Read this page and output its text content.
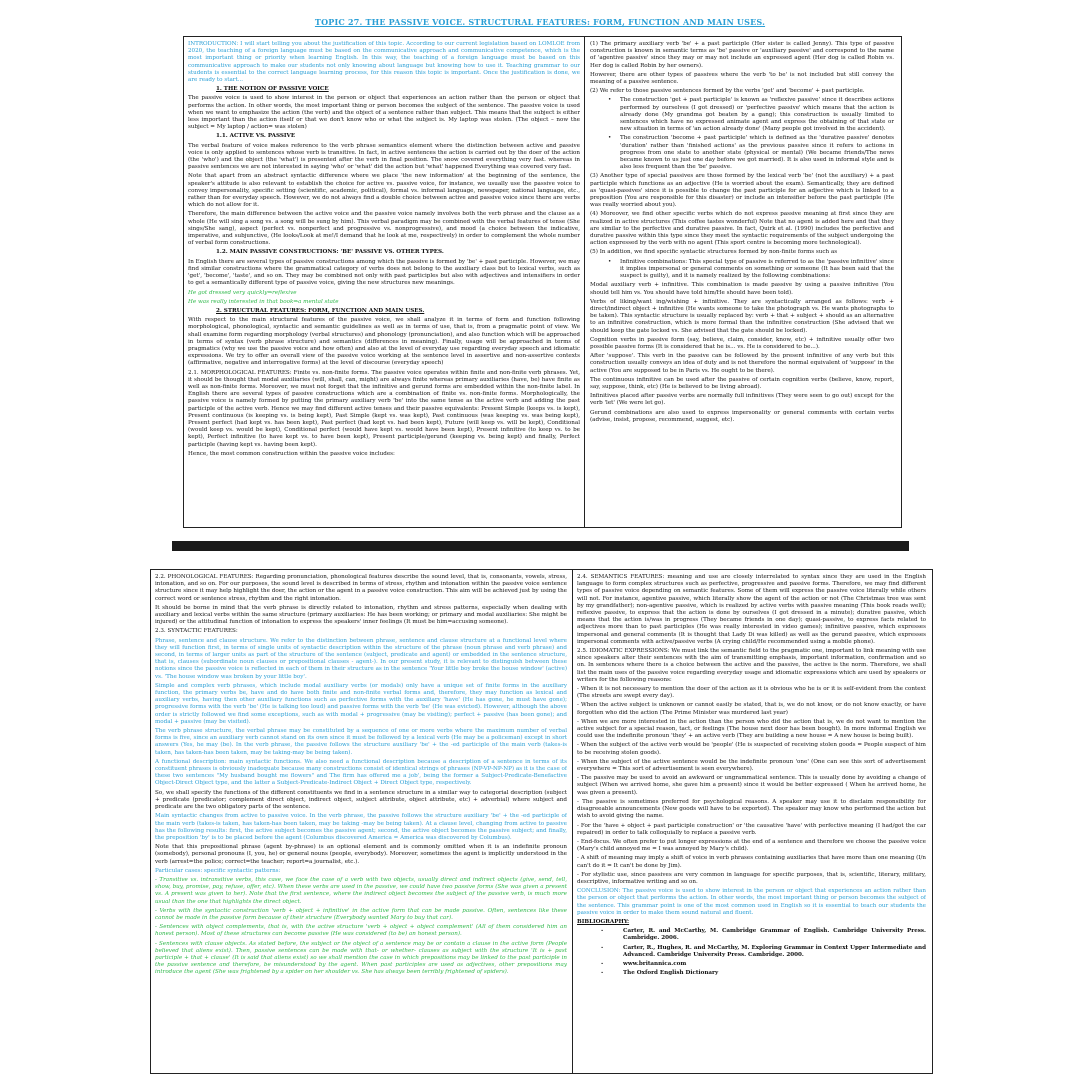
TOPIC 27. THE PASSIVE VOICE. STRUCTURAL FEATURES: FORM, FUNCTION AND MAIN USES.

INTRODUCTION: I will start telling you about the justification of this topic. According to our current legislation based on LOMLOE from 2020, the teaching of a foreign language must be based on the communicative approach and communicative competence, which is the most important thing or priority when learning English. In this way, the teaching of a foreign language must be based on this communicative approach to make our students not only knowing about language but knowing how to use it. Teaching grammar to our students is essential to the correct language learning process, for this reason this topic is important. Once the justification is done, we are ready to start...

1. THE NOTION OF PASSIVE VOICE

The passive voice is used to show interest in the person or object that experiences an action rather than the person or object that performs the action. In other words, the most important thing or person becomes the subject of the sentence. The passive voice is used when we want to emphasize the action (the verb) and the object of a sentence rather than subject. This means that the subject is either less important than the action itself or that we don't know who or what the subject is. My laptop was stolen. (The object – now the subject = My laptop / action= was stolen)

1.1. ACTIVE VS. PASSIVE

The verbal feature of voice makes reference to the verb phrase semantics element where the distinction between active and passive voice is only applied to sentences whose verb is transitive. In fact, in active sentences the action is carried out by the doer of the action (the 'who') and the object (the 'what') is presented after the verb in final position. The snow covered everything very fast. whereas in passive sentences we are not interested in saying 'who' or 'what' did the action but 'what' happened Everything was covered very fast.

Note that apart from an abstract syntactic difference where we place 'the new information' at the beginning of the sentence, the speaker's attitude is also relevant to establish the choice for active vs. passive voice, for instance, we usually use the passive voice to convey impersonality, specific setting (scientific, academic, political), formal vs. informal language, newspaper, national language, etc., rather than for everyday speech. However, we do not always find a double choice between active and passive voice since there are verbs which do not allow for it.

Therefore, the main difference between the active voice and the passive voice namely involves both the verb phrase and the clause as a whole (He will sing a song vs. a song will be sung by him). This verbal paradigm may be combined with the verbal features of tense (She sings/She sang), aspect (perfect vs. nonperfect and progressive vs. nonprogressive), and mood (a choice between the indicative, imperative, and subjunctive, (He looks/Look at me!/I demand that he look at me, respectively) in order to complement the whole number of verbal form constructions.

1.2. MAIN PASSIVE CONSTRUCTIONS: 'BE' PASSIVE VS. OTHER TYPES.

In English there are several types of passive constructions among which the passive is formed by 'be' + past participle. However, we may find similar constructions where the grammatical category of verbs does not belong to the auxiliary class but to lexical verbs, such as 'get', 'become', 'taste', and so on. They may be combined not only with past participles but also with adjectives and intensifiers in order to get a semantically different type of passive voice, giving the new structures new meanings.

He got dressed very quickly⇒reflexive

He was really interested in that book⇒a mental state

2. STRUCTURAL FEATURES: FORM, FUNCTION AND MAIN USES.

With respect to the main structural features of the passive voice, we shall analyze it in terms of form and function following morphological, phonological, syntactic and semantic guidelines as well as in terms of use, that is, from a pragmatic point of view. We shall examine form regarding morphology (verbal structures) and phonology (pronunciation), and also function which will be approached in terms of syntax (verb phrase structure) and semantics (differences in meaning). Finally, usage will be approached in terms of pragmatics (why we use the passive voice and how often) and also at the level of everyday use regarding everyday speech and idiomatic expressions. We try to offer an overall view of the passive voice working at the sentence level in assertive and non-assertive contexts (affirmative, negative and interrogative forms) at the level of discourse (everyday speech)

2.1. MORPHOLOGICAL FEATURES: Finite vs. non-finite forms. The passive voice operates within finite and non-finite verb phrases. Yet, it should be thought that modal auxiliaries (will, shall, can, might) are always finite whereas primary auxiliaries (have, be) have finite as well as non-finite forms. Moreover, we must not forget that the infinitive and gerund forms are embedded within the non-finite label. In English there are several types of passive constructions which are a combination of finite vs. non-finite forms. Morphologically, the passive voice is namely formed by putting the primary auxiliary verb 'be' into the same tense as the active verb and adding the past participle of the active verb. Hence we may find different active tenses and their passive equivalents: Present Simple (keeps vs. is kept), Present continuous (is keeping vs. is being kept), Past Simple (kept vs. was kept), Past continuous (was keeping vs. was being kept), Present perfect (had kept vs. has been kept), Past perfect (had kept vs. had been kept), Future (will keep vs. will be kept), Conditional (would keep vs. would be kept), Conditional perfect (would have kept vs. would have been kept), Present infinitive (to keep vs. to be kept), Perfect infinitive (to have kept vs. to have been kept), Present participle/gerund (keeping vs. being kept) and finally, Perfect participle (having kept vs. having been kept).

Hence, the most common construction within the passive voice includes:

(1) The primary auxiliary verb 'be' + a past participle (Her sister is called Jenny). This type of passive construction is known in semantic terms as 'be' passive or 'auxiliary passive' and correspond to the name of 'agentive passive' since they may or may not include an expressed agent (Her dog is called Robin vs. Her dog is called Robin by her owners).

However, there are other types of passives where the verb 'to be' is not included but still convey the meaning of a passive sentence.

(2) We refer to those passive sentences formed by the verbs 'get' and 'become' + past participle.

• The construction 'get + past participle' is known as 'reflexive passive' since it describes actions performed by ourselves (I got dressed) or 'perfective passive' which means that the action is already done (My grandma got beaten by a gang); this construction is usually limited to sentences which have no expressed animate agent and express the obtaining of that state or new situation in terms of 'an action already done' (Many people got involved in the accident).

• The construction 'become + past participle' which is defined as the 'durative passive' denotes 'duration' rather than 'finished actions' as the previous passive since it refers to actions in progress from one state to another state (physical or mental) (We became friends/The news became known to us just one day before we got married). It is also used in informal style and is also less frequent than the 'be' passive.

(3) Another type of special passives are those formed by the lexical verb 'be' (not the auxiliary) + a past participle which functions as an adjective (He is worried about the exam). Semantically, they are defined as 'quasi-passives' since it is possible to change the past participle for an adjective which is linked to a preposition (You are responsible for this disaster) or include an intensifier before the past participle (He was really worried about you).

(4) Moreover, we find other specific verbs which do not express passive meaning at first since they are realized in active structures (This coffee tastes wonderful) Note that no agent is added here and that they are similar to the perfective and durative passive. In fact, Quirk et al. (1990) includes the perfective and durative passive within this type since they meet the syntactic requirements of the subject undergoing the action expressed by the verb with no agent (This sport centre is becoming more technological).

(5) In addition, we find specific syntactic structures formed by non-finite forms such as

• Infinitive combinations: This special type of passive is referred to as the 'passive infinitive' since it implies impersonal or general comments on something or someone (It has been said that the suspect is guilty), and it is namely realized by the following combinations:

Modal auxiliary verb + infinitive. This combination is made passive by using a passive infinitive (You should tell him vs. You should have told him/He should have been told).

Verbs of liking/want ing/wishing + infinitive. They are syntactically arranged as follows: verb + direct/indirect object + infinitive (He wants someone to take the photograph vs. He wants photographs to be taken). This syntactic structure is usually replaced by: verb + that + subject + should as an alternative to an infinitive construction, which is more formal than the infinitive construction (She advised that we should keep the gate locked vs. She advised that the gate should be locked).

Cognition verbs in passive form (say, believe, claim, consider, know, etc) + infinitive usually offer two possible passive forms (It is considered that he is... vs. He is considered to be...).

After 'suppose'. This verb in the passive can be followed by the present infinitive of any verb but this construction usually conveys an idea of duty and is not therefore the normal equivalent of 'suppose' in the active (You are supposed to be in Paris vs. He ought to be there).

The continuous infinitive can be used after the passive of certain cognition verbs (believe, know, report, say, suppose, think, etc) (He is believed to be living abroad).

Infinitives placed after passive verbs are normally full infinitives (They were seen to go out) except for the verb 'let' (We were let go).

Gerund combinations are also used to express impersonality or general comments with certain verbs (advise, insist, propose, recommend, suggest, etc).

2.2. PHONOLOGICAL FEATURES: Regarding pronunciation, phonological features describe the sound level, that is, consonants, vowels, stress, intonation, and so on. For our purposes, the sound level is described in terms of stress, rhythm and intonation within the passive voice sentence structure since it may help highlight the doer, the action or the agent in a passive voice construction. This aim will be achieved just by using the correct word or sentence stress, rhythm and the right intonation.

It should be borne in mind that the verb phrase is directly related to intonation, rhythm and stress patterns, especially when dealing with auxiliary and lexical verbs within the same structure (primary auxiliaries: He has been working; or primary and modal auxiliaries: She might be injured) or the attitudinal function of intonation to express the speakers' inner feelings (It must be him=accusing someone).

2.3. SYNTACTIC FEATURES:

Phrase, sentence and clause structure. We refer to the distinction between phrase, sentence and clause structure at a functional level where they will function first, in terms of single units of syntactic description within the structure of the phrase (noun phrase and verb phrase) and second, in terms of larger units as part of the structure of the sentence (subject, predicate and agent) or embedded in the sentence structure, that is, clauses (subordinate noun clauses or prepositional clauses - agent-). In our present study, it is relevant to distinguish between these notions since the passive voice is reflected in each of them in their structure as in the sentence 'Your little boy broke the house window' (active) vs. 'The house window was broken by your little boy'.

Simple and complex verb phrases, which include modal auxiliary verbs (or modals) only have a unique set of finite forms in the auxiliary function, the primary verbs be, have and do have both finite and non-finite verbal forms and, therefore, they may function as lexical and auxiliary verbs, having then other auxiliary functions such as perfective forms with the auxiliary 'have' (He has gone, he must have gone); progressive forms with the verb 'be' (He is talking too loud) and passive forms with the verb 'be' (He was evicted). However, although the above order is strictly followed we find some exceptions, such as with modal + progressive (may be visiting); perfect + passive (has been gone); and modal + passive (may be visited).

The verb phrase structure, the verbal phrase may be constituted by a sequence of one or more verbs where the maximum number of verbal forms is five, since an auxiliary verb cannot stand on its own since it must be followed by a lexical verb (He may be a policeman) except in short answers (Yes, he may (be). In the verb phrase, the passive follows the structure auxiliary 'be' + the -ed participle of the main verb (takes-is taken, has taken-has been taken, may be taking-may be being taken).

A functional description: main syntactic functions. We also need a functional description because a description of a sentence in terms of its constituent phrases is obviously inadequate because many constructions consist of identical strings of phrases (NP-VP-NP-NP) as it is the case of these two sentences "My husband bought me flowers" and The firm has offered me a job', being the former a Subject-Predicate-Benefactive Object-Direct Object type, and the latter a Subject-Predicate-Indirect Object + Direct Object type, respectively.

So, we shall specify the functions of the different constituents we find in a sentence structure in a similar way to categorial description (subject + predicate (predicator; complement direct object, indirect object, subject attribute, object attribute, etc) + adverbial) where subject and predicate are the two obligatory parts of the sentence.

Main syntactic changes from active to passive voice. In the verb phrase, the passive follows the structure auxiliary 'be' + the -ed participle of the main verb (takes-is taken, has taken-has been taken, may be taking -may be being taken). At a clause level, changing from active to passive has the following results: first, the active subject becomes the passive agent; second, the active object becomes the passive subject; and finally, the preposition 'by' is to be placed before the agent (Columbus discovered America = America was discovered by Columbus).

Note that this prepositional phrase (agent by-phrase) is an optional element and is commonly omitted when it is an indefinite pronoun (somebody), personal pronouns (I, you, he) or general nouns (people, everybody). Moreover, sometimes the agent is implicitly understood in the verb (arrest=the police; correct=the teacher; report=a journalist, etc.).

Particular cases: specific syntactic patterns:

- Transitive vs. intransitive verbs, this case, we face the case of a verb with two objects, usually direct and indirect objects (give, send, tell, show, buy, promise, pay, refuse, offer, etc). When these verbs are used in the passive, we could have two passive forms (She was given a present vs. A present was given to her). Note that the first sentence, where the indirect object becomes the subject of the passive verb, is much more usual than the one that highlights the direct object.

- Verbs with the syntactic construction 'verb + object + infinitive' in the active form that can be made passive. Often, sentences like these cannot be made in the passive form because of their structure (Everybody wanted Mary to buy that car).

- Sentences with object complements, that is, with the active structure 'verb + object + object complement' (All of them considered him an honest person). Most of these structures can become passive (He was considered (to be) an honest person).

- Sentences with clause objects. As stated before, the subject or the object of a sentence may be or contain a clause in the active form (People believed that aliens exist). Then, passive sentences can be made with that- or whether- clauses as subject with the structure 'It is + past participle + that + clause' (It is said that aliens exist) so we shall mention the case in which prepositions may be linked to the past participle in the passive sentence and therefore, be misunderstood by the agent. When past participles are used as adjectives, other prepositions may introduce the agent (She was frightened by a spider on her shoulder vs. She has always been terribly frightened of spiders).

2.4. SEMANTICS FEATURES: meaning and use are closely interrelated to syntax since they are used in the English language to form complex structures such as perfective, progressive and passive forms. Therefore, we may find different types of passive voice depending on semantic features. Some of them will express the passive voice literally while others will not. For instance, agentive passive, which literally show the agent of the action or not (The Christmas tree was sent by my grandfather); non-agentive passive, which is realized by active verbs with passive meaning (This book reads well); reflexive passive, to express that the action is done by ourselves (I got dressed in a minute); durative passive, which means that the action is/was in progress (They became friends in one day); quasi-passive, to express facts related to adjectives more than to past participles (He was really interested in video games); infinitive passive, which expresses impersonal and general comments (It is thought that Lady Di was killed) as well as the gerund passive, which expresses impersonal comments with active/passive verbs (A crying child/He recommended using a mobile phone).

2.5. IDIOMATIC EXPRESSIONS: We must link the semantic field to the pragmatic one, important to link meaning with use since speakers alter their sentences with the aim of transmitting emphasis, important information, confirmation and so on. In sentences where there is a choice between the active and the passive, the active is the norm. Therefore, we shall list the main uses of the passive voice regarding everyday usage and idiomatic expressions which are used by speakers or writers for the following reasons:

- When it is not necessary to mention the doer of the action as it is obvious who he is or it is self-evident from the context (The streets are swept every day).

- When the active subject is unknown or cannot easily be stated, that is, we do not know, or do not know exactly, or have forgotten who did the action (The Prime Minister was murdered last year)

- When we are more interested in the action than the person who did the action that is, we do not want to mention the active subject for a special reason, tact, or feelings (The house next door has been bought). In more informal English we could use the indefinite pronoun 'they' + an active verb (They are building a new house = A new house is being built).

- When the subject of the active verb would be 'people' (He is suspected of receiving stolen goods = People suspect of him to be receiving stolen goods).

- When the subject of the active sentence would be the indefinite pronoun 'one' (One can see this sort of advertisement everywhere = This sort of advertisement is seen everywhere).

- The passive may be used to avoid an awkward or ungrammatical sentence. This is usually done by avoiding a change of subject (When we arrived home, she gave him a present) since it would be better expressed ( When he arrived home, he was given a present).

- The passive is sometimes preferred for psychological reasons. A speaker may use it to disclaim responsibility for disagreeable announcements (New goods will have to be exported). The speaker may know who performed the action but wish to avoid giving the name.

- For the 'have + object + past participle construction' or 'the causative 'have' with perfective meaning (I had/got the car repaired) in order to talk colloquially to replace a passive verb.

- End-focus. We often prefer to put longer expressions at the end of a sentence and therefore we choose the passive voice (Mary's child annoyed me = I was annoyed by Mary's child).

- A shift of meaning may imply a shift of voice in verb phrases containing auxiliaries that have more than one meaning (I/n can't do it = It can't be done by Jim).

- For stylistic use, since passives are very common in language for specific purposes, that is, scientific, literary, military, descriptive, informative writing and so on.

CONCLUSION: The passive voice is used to show interest in the person or object that experiences an action rather than the person or object that performs the action. In other words, the most important thing or person becomes the subject of the sentence. This grammar point is one of the most common used in English so it is essential to teach our students the passive voice in order to make them sound natural and fluent.

BIBLIOGRAPHY:

- Carter, R. and McCarthy, M. Cambridge Grammar of English. Cambridge University Press. Cambridge. 2006.

- Carter, R., Hughes, R. and McCarthy, M. Exploring Grammar in Context Upper Intermediate and Advanced. Cambridge University Press. Cambridge. 2000.

- www.britannica.com

- The Oxford English Dictionary
